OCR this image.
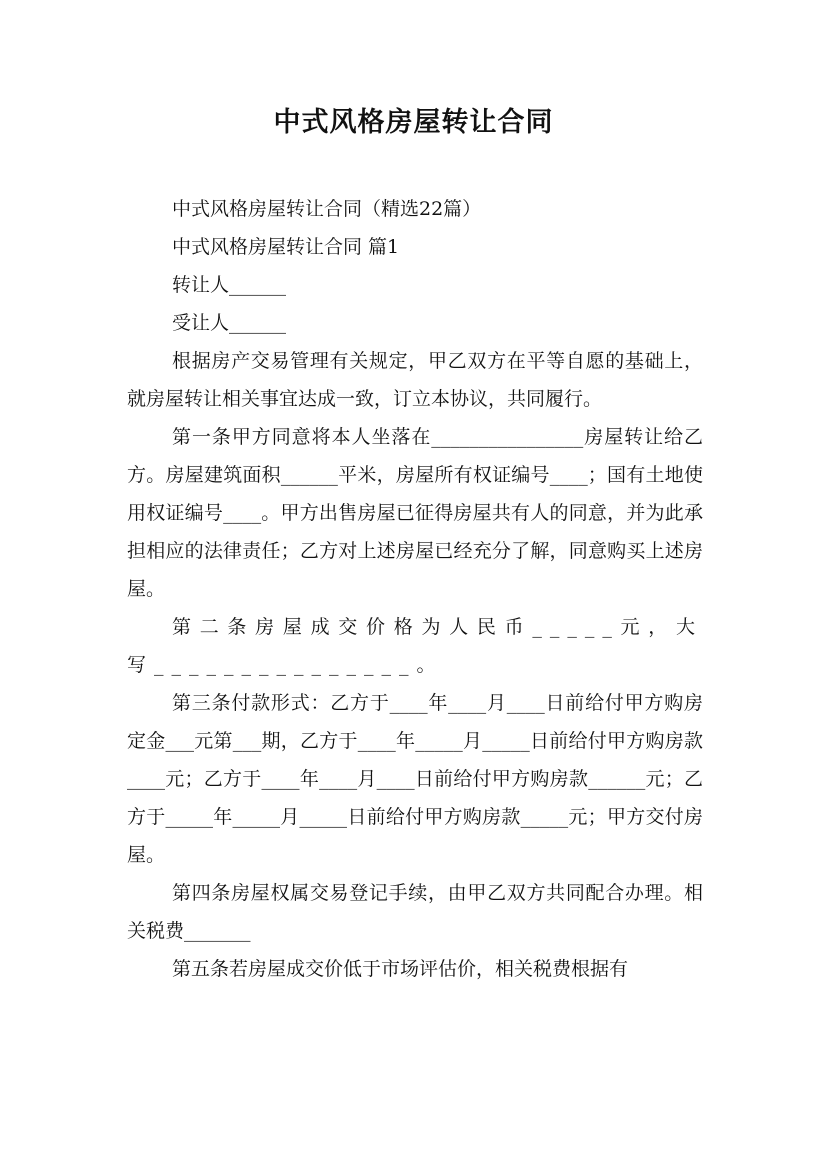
中式风格房屋转让合同

中式风格房屋转让合同（精选22篇）

中式风格房屋转让合同 篇1

转让人______

受让人______

根据房产交易管理有关规定，甲乙双方在平等自愿的基础上，就房屋转让相关事宜达成一致，订立本协议，共同履行。

第一条甲方同意将本人坐落在________________房屋转让给乙方。房屋建筑面积______平米，房屋所有权证编号____；国有土地使用权证编号____。甲方出售房屋已征得房屋共有人的同意，并为此承担相应的法律责任；乙方对上述房屋已经充分了解，同意购买上述房屋。

第二条房屋成交价格为人民币_____元，大写_______________。

第三条付款形式：乙方于____年____月____日前给付甲方购房定金___元第___期，乙方于____年_____月_____日前给付甲方购房款____元；乙方于____年____月____日前给付甲方购房款______元；乙方于_____年_____月_____日前给付甲方购房款_____元；甲方交付房屋。

第四条房屋权属交易登记手续，由甲乙双方共同配合办理。相关税费_______

第五条若房屋成交价低于市场评估价，相关税费根据有
